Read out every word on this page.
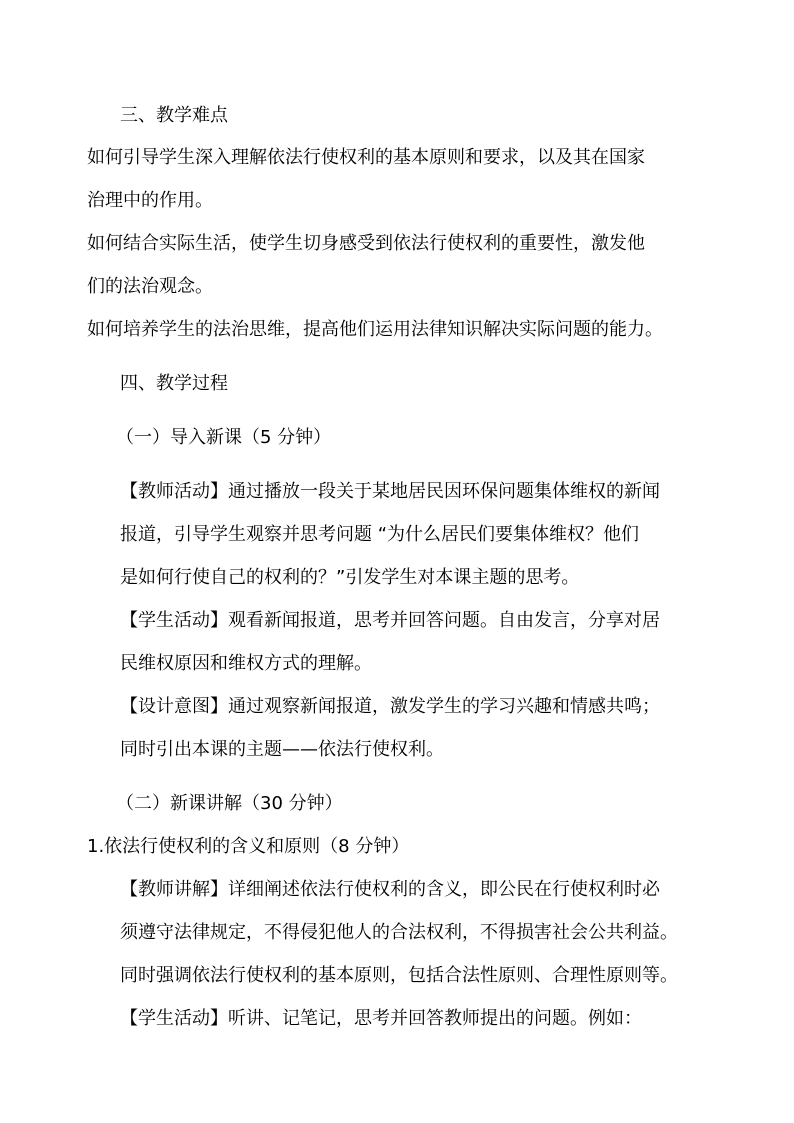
三、教学难点

如何引导学生深入理解依法行使权利的基本原则和要求，以及其在国家

治理中的作用。

如何结合实际生活，使学生切身感受到依法行使权利的重要性，激发他

们的法治观念。

如何培养学生的法治思维，提高他们运用法律知识解决实际问题的能力。

四、教学过程

（一）导入新课（5 分钟）

【教师活动】通过播放一段关于某地居民因环保问题集体维权的新闻

报道，引导学生观察并思考问题 “为什么居民们要集体维权？他们

是如何行使自己的权利的？”引发学生对本课主题的思考。

【学生活动】观看新闻报道，思考并回答问题。自由发言，分享对居

民维权原因和维权方式的理解。

【设计意图】通过观察新闻报道，激发学生的学习兴趣和情感共鸣；

同时引出本课的主题——依法行使权利。

（二）新课讲解（30 分钟）

1.依法行使权利的含义和原则（8 分钟）

【教师讲解】详细阐述依法行使权利的含义，即公民在行使权利时必

须遵守法律规定，不得侵犯他人的合法权利，不得损害社会公共利益。

同时强调依法行使权利的基本原则，包括合法性原则、合理性原则等。

【学生活动】听讲、记笔记，思考并回答教师提出的问题。例如：
